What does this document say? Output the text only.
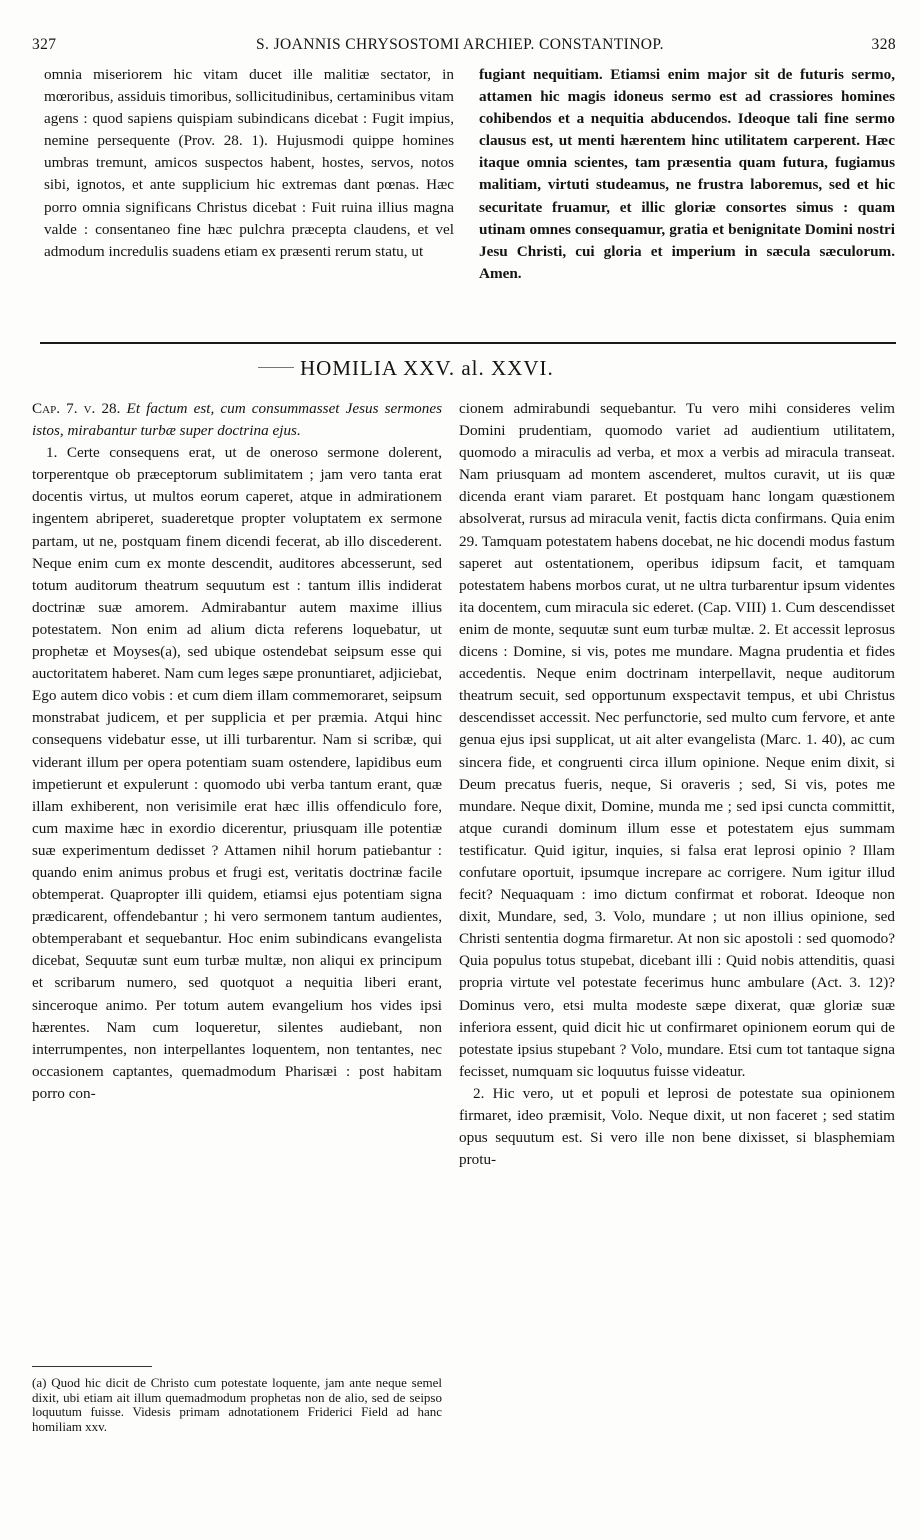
327	S. JOANNIS CHRYSOSTOMI ARCHIEP. CONSTANTINOP.	328

omnia miseriorem hic vitam ducet ille malitiæ sectator, in mœroribus, assiduis timoribus, sollicitudinibus, certaminibus vitam agens : quod sapiens quispiam subindicans dicebat : Fugit impius, nemine persequente (Prov. 28. 1). Hujusmodi quippe homines umbras tremunt, amicos suspectos habent, hostes, servos, notos sibi, ignotos, et ante supplicium hic extremas dant pœnas. Hæc porro omnia significans Christus dicebat : Fuit ruina illius magna valde : consentaneo fine hæc pulchra præcepta claudens, et vel admodum incredulis suadens etiam ex præsenti rerum statu, ut

fugiant nequitiam. Etiamsi enim major sit de futuris sermo, attamen hic magis idoneus sermo est ad crassiores homines cohibendos et a nequitia abducendos. Ideoque tali fine sermo clausus est, ut menti hærentem hinc utilitatem carperent. Hæc itaque omnia scientes, tam præsentia quam futura, fugiamus malitiam, virtuti studeamus, ne frustra laboremus, sed et hic securitate fruamur, et illic gloriæ consortes simus : quam utinam omnes consequamur, gratia et benignitate Domini nostri Jesu Christi, cui gloria et imperium in sæcula sæculorum. Amen.

HOMILIA XXV. al. XXVI.

Cap. 7. v. 28. Et factum est, cum consummasset Jesus sermones istos, mirabantur turbæ super doctrina ejus.

1. Certe consequens erat, ut de oneroso sermone dolerent, torperentque ob præceptorum sublimitatem ; jam vero tanta erat docentis virtus, ut multos eorum caperet, atque in admirationem ingentem abriperet, suaderetque propter voluptatem ex sermone partam, ut ne, postquam finem dicendi fecerat, ab illo discederent. Neque enim cum ex monte descendit, auditores abcesserunt, sed totum auditorum theatrum sequutum est : tantum illis indiderat doctrinæ suæ amorem. Admirabantur autem maxime illius potestatem. Non enim ad alium dicta referens loquebatur, ut prophetæ et Moyses(a), sed ubique ostendebat seipsum esse qui auctoritatem haberet. Nam cum leges sæpe pronuntiaret, adjiciebat, Ego autem dico vobis : et cum diem illam commemoraret, seipsum monstrabat judicem, et per supplicia et per præmia. Atqui hinc consequens videbatur esse, ut illi turbarentur. Nam si scribæ, qui viderant illum per opera potentiam suam ostendere, lapidibus eum impetierunt et expulerunt : quomodo ubi verba tantum erant, quæ illam exhiberent, non verisimile erat hæc illis offendiculo fore, cum maxime hæc in exordio dicerentur, priusquam ille potentiæ suæ experimentum dedisset ? Attamen nihil horum patiebantur : quando enim animus probus et frugi est, veritatis doctrinæ facile obtemperat. Quapropter illi quidem, etiamsi ejus potentiam signa prædicarent, offendebantur ; hi vero sermonem tantum audientes, obtemperabant et sequebantur. Hoc enim subindicans evangelista dicebat, Sequutæ sunt eum turbæ multæ, non aliqui ex principum et scribarum numero, sed quotquot a nequitia liberi erant, sinceroque animo. Per totum autem evangelium hos vides ipsi hærentes. Nam cum loqueretur, silentes audiebant, non interrumpentes, non interpellantes loquentem, non tentantes, nec occasionem captantes, quemadmodum Pharisæi : post habitam porro con-

cionem admirabundi sequebantur. Tu vero mihi consideres velim Domini prudentiam, quomodo variet ad audientium utilitatem, quomodo a miraculis ad verba, et mox a verbis ad miracula transeat. Nam priusquam ad montem ascenderet, multos curavit, ut iis quæ dicenda erant viam pararet. Et postquam hanc longam quæstionem absolverat, rursus ad miracula venit, factis dicta confirmans. Quia enim 29. Tamquam potestatem habens docebat, ne hic docendi modus fastum saperet aut ostentationem, operibus idipsum facit, et tamquam potestatem habens morbos curat, ut ne ultra turbarentur ipsum videntes ita docentem, cum miracula sic ederet. (Cap. VIII) 1. Cum descendisset enim de monte, sequutæ sunt eum turbæ multæ. 2. Et accessit leprosus dicens : Domine, si vis, potes me mundare. Magna prudentia et fides accedentis. Neque enim doctrinam interpellavit, neque auditorum theatrum secuit, sed opportunum exspectavit tempus, et ubi Christus descendisset accessit. Nec perfunctorie, sed multo cum fervore, et ante genua ejus ipsi supplicat, ut ait alter evangelista (Marc. 1. 40), ac cum sincera fide, et congruenti circa illum opinione. Neque enim dixit, si Deum precatus fueris, neque, Si oraveris ; sed, Si vis, potes me mundare. Neque dixit, Domine, munda me ; sed ipsi cuncta committit, atque curandi dominum illum esse et potestatem ejus summam testificatur. Quid igitur, inquies, si falsa erat leprosi opinio ? Illam confutare oportuit, ipsumque increpare ac corrigere. Num igitur illud fecit? Nequaquam : imo dictum confirmat et roborat. Ideoque non dixit, Mundare, sed, 3. Volo, mundare ; ut non illius opinione, sed Christi sententia dogma firmaretur. At non sic apostoli : sed quomodo? Quia populus totus stupebat, dicebant illi : Quid nobis attenditis, quasi propria virtute vel potestate fecerimus hunc ambulare (Act. 3. 12)? Dominus vero, etsi multa modeste sæpe dixerat, quæ gloriæ suæ inferiora essent, quid dicit hic ut confirmaret opinionem eorum qui de potestate ipsius stupebant ? Volo, mundare. Etsi cum tot tantaque signa fecisset, numquam sic loquutus fuisse videatur.

2. Hic vero, ut et populi et leprosi de potestate sua opinionem firmaret, ideo præmisit, Volo. Neque dixit, ut non faceret ; sed statim opus sequutum est. Si vero ille non bene dixisset, si blasphemiam protu-

(a) Quod hic dicit de Christo cum potestate loquente, jam ante neque semel dixit, ubi etiam ait illum quemadmodum prophetas non de alio, sed de seipso loquutum fuisse. Videsis primam adnotationem Friderici Field ad hanc homiliam xxv.
